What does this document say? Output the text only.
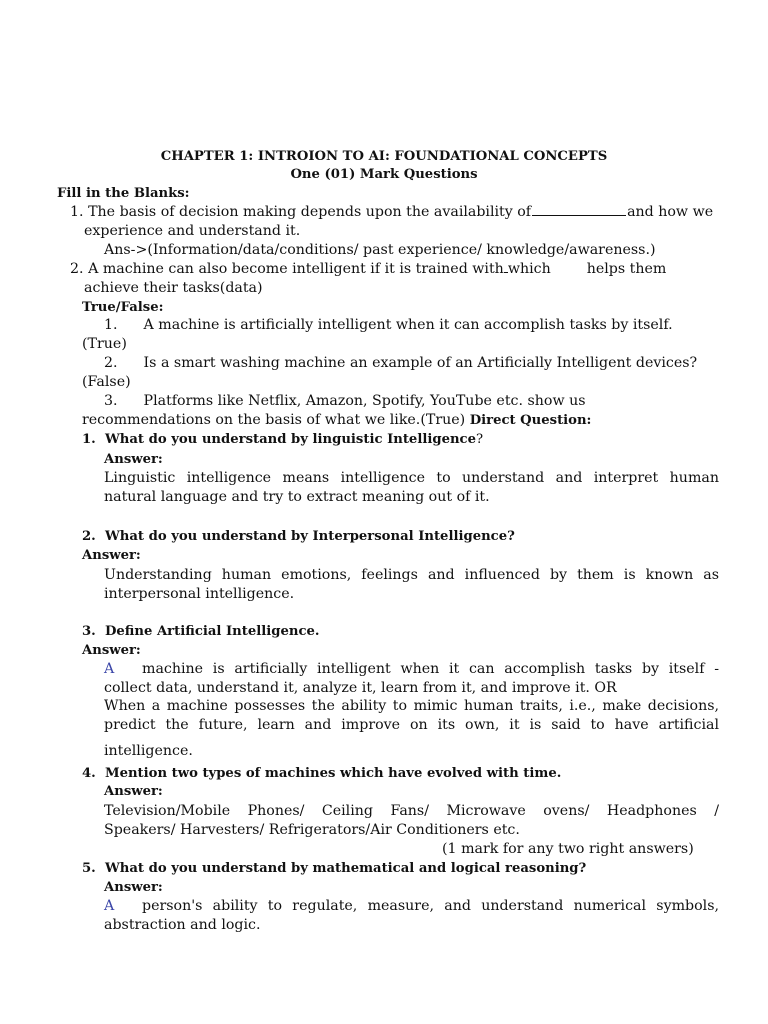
CHAPTER 1: INTROION TO AI: FOUNDATIONAL CONCEPTS
One (01) Mark Questions
Fill in the Blanks:
1. The basis of decision making depends upon the availability of	and how we
experience and understand it.
Ans->(Information/data/conditions/ past experience/ knowledge/awareness.)
2. A machine can also become intelligent if it is trained with which	helps them
achieve their tasks(data)
True/False:
1. A machine is artificially intelligent when it can accomplish tasks by itself.
(True)
2. Is a smart washing machine an example of an Artificially Intelligent devices?
(False)
3. Platforms like Netflix, Amazon, Spotify, YouTube etc. show us
recommendations on the basis of what we like.(True) Direct Question:
1. What do you understand by linguistic Intelligence?
Answer:
Linguistic intelligence means intelligence to understand and interpret human
natural language and try to extract meaning out of it.
2. What do you understand by Interpersonal Intelligence?
Answer:
Understanding human emotions, feelings and influenced by them is known as
interpersonal intelligence.
3. Define Artificial Intelligence.
Answer:
A machine is artificially intelligent when it can accomplish tasks by itself -
collect data, understand it, analyze it, learn from it, and improve it. OR
When a machine possesses the ability to mimic human traits, i.e., make decisions,
predict the future, learn and improve on its own, it is said to have artificial
intelligence.
4. Mention two types of machines which have evolved with time.
Answer:
Television/Mobile Phones/ Ceiling Fans/ Microwave ovens/ Headphones /
Speakers/ Harvesters/ Refrigerators/Air Conditioners etc.
(1 mark for any two right answers)
5. What do you understand by mathematical and logical reasoning?
Answer:
A person's ability to regulate, measure, and understand numerical symbols,
abstraction and logic.
